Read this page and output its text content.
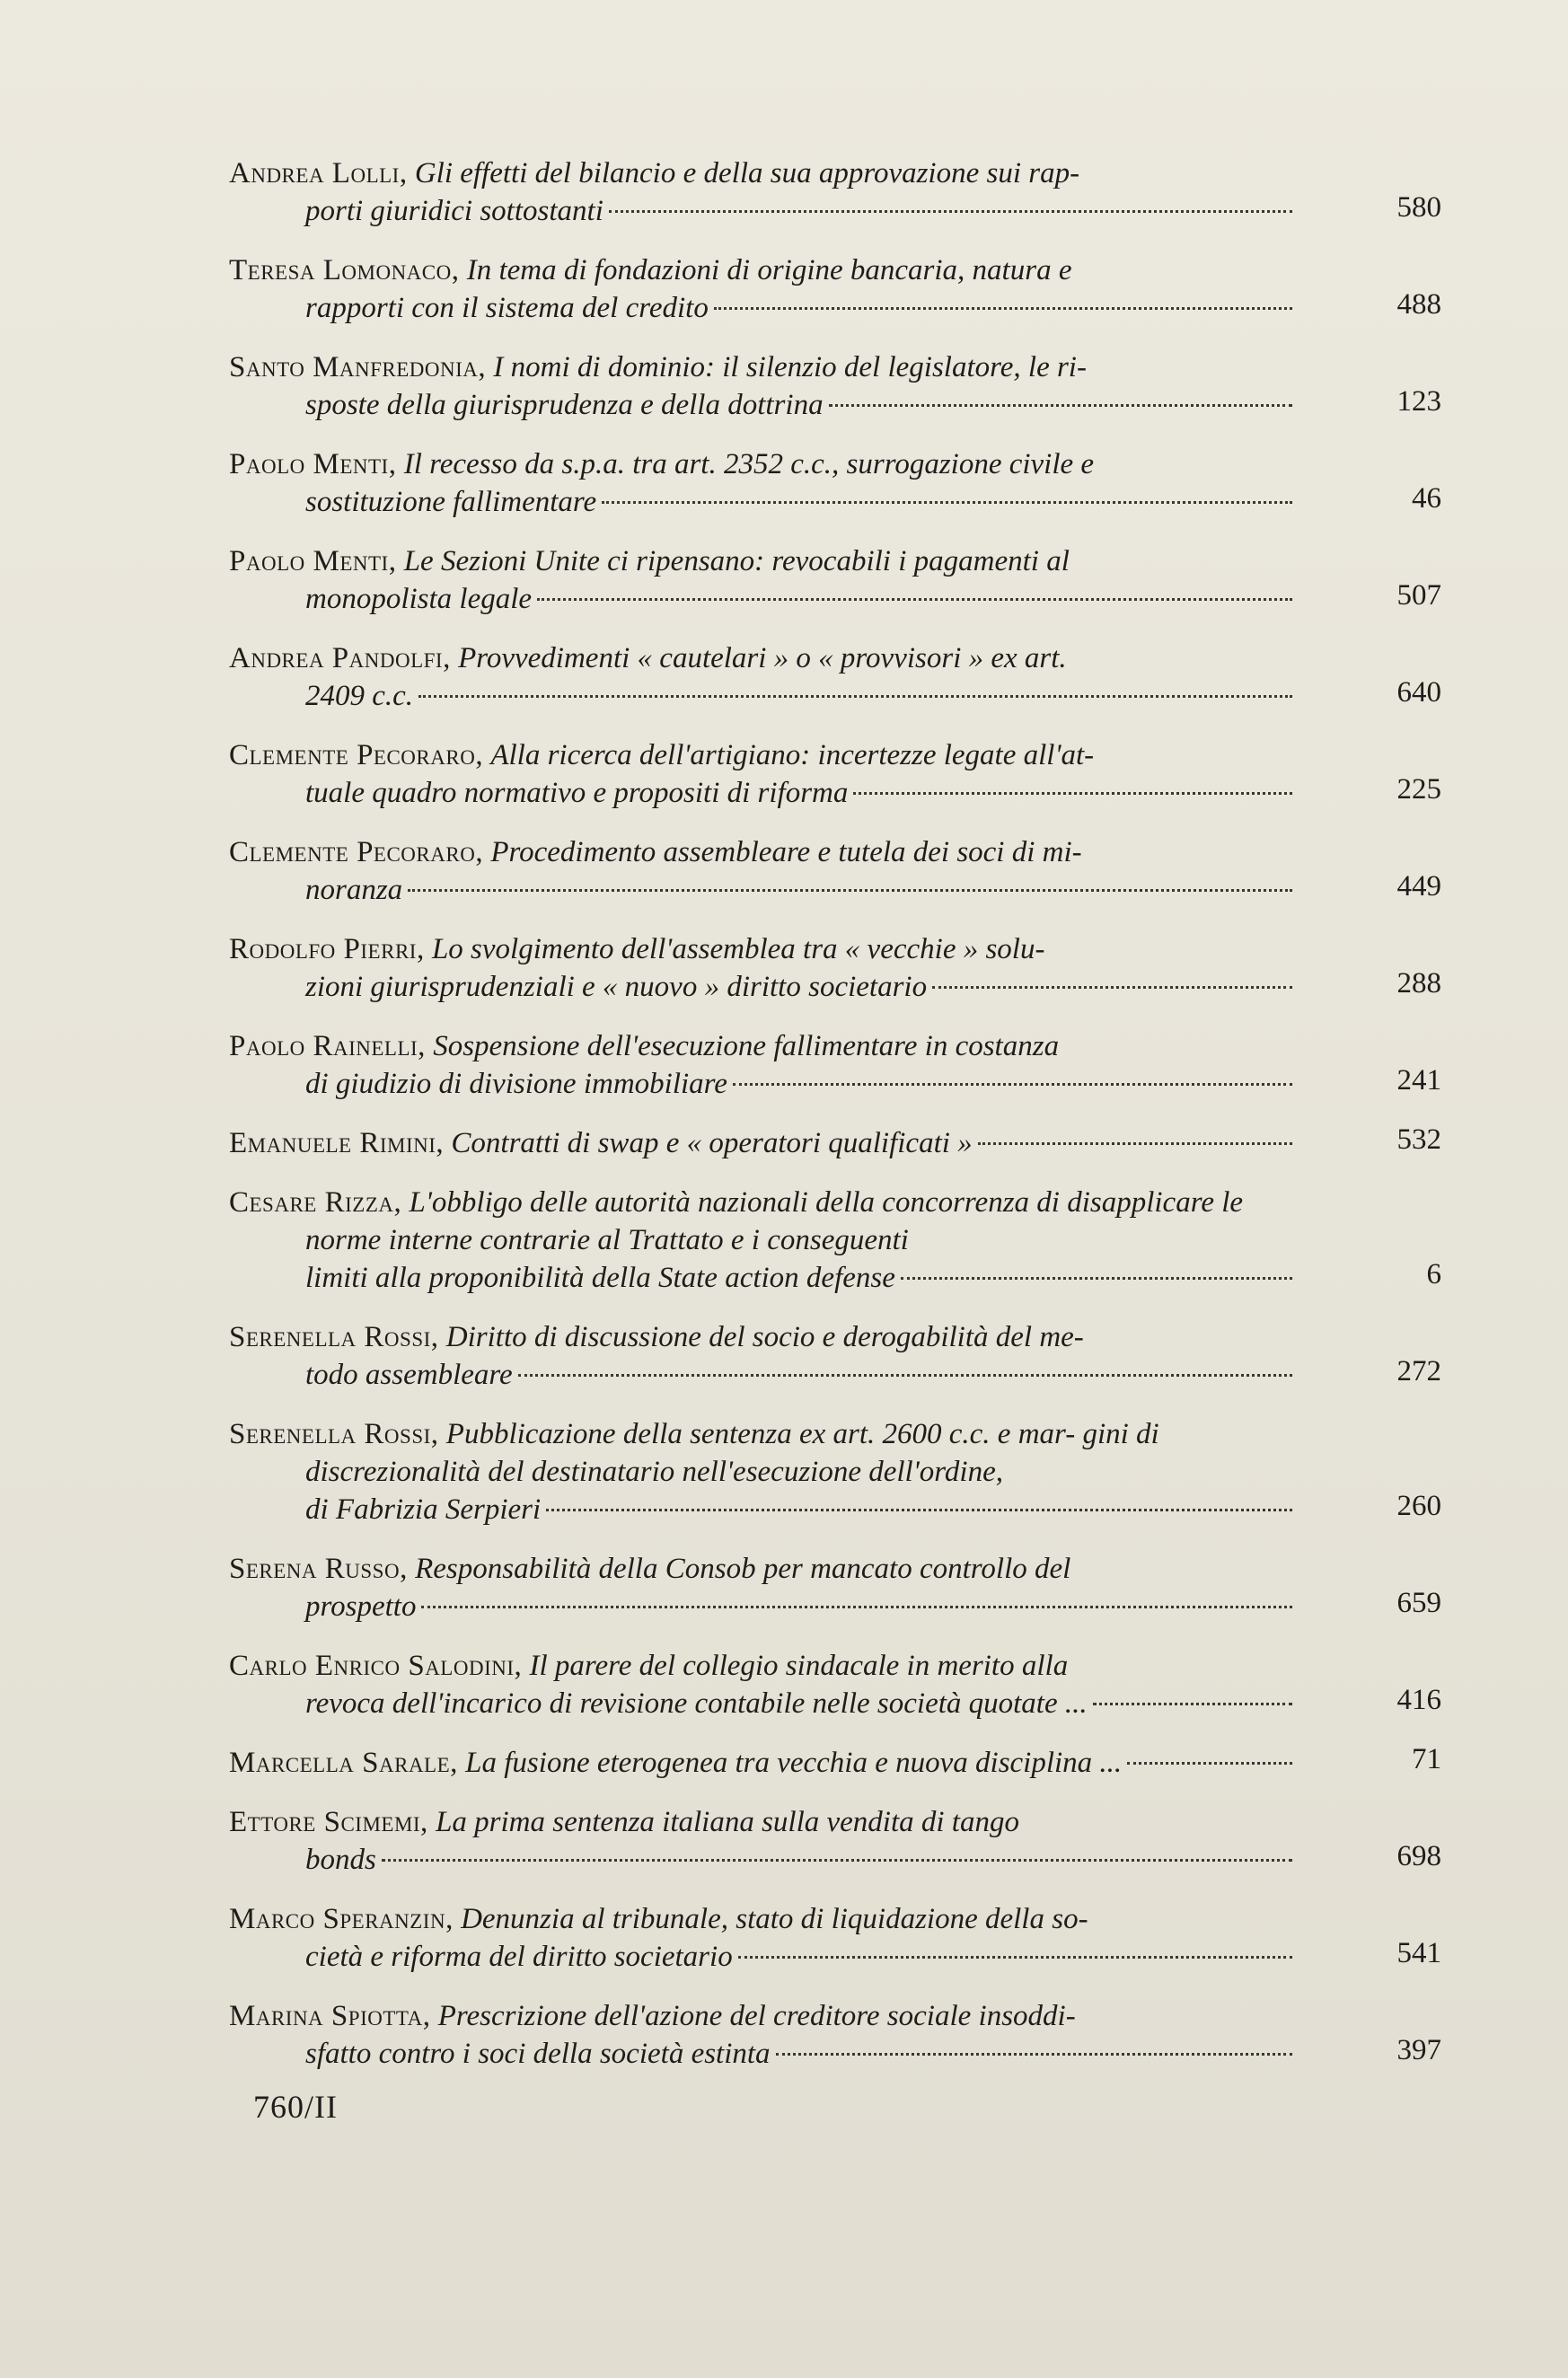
Andrea Lolli, Gli effetti del bilancio e della sua approvazione sui rap-
porti giuridici sottostanti	580
Teresa Lomonaco, In tema di fondazioni di origine bancaria, natura e
rapporti con il sistema del credito	488
Santo Manfredonia, I nomi di dominio: il silenzio del legislatore, le ri-
sposte della giurisprudenza e della dottrina	123
Paolo Menti, Il recesso da s.p.a. tra art. 2352 c.c., surrogazione civile e
sostituzione fallimentare	46
Paolo Menti, Le Sezioni Unite ci ripensano: revocabili i pagamenti al
monopolista legale	507
Andrea Pandolfi, Provvedimenti « cautelari » o « provvisori » ex art.
2409 c.c.	640
Clemente Pecoraro, Alla ricerca dell'artigiano: incertezze legate all'at-
tuale quadro normativo e propositi di riforma	225
Clemente Pecoraro, Procedimento assembleare e tutela dei soci di mi-
noranza	449
Rodolfo Pierri, Lo svolgimento dell'assemblea tra « vecchie » solu-
zioni giurisprudenziali e « nuovo » diritto societario	288
Paolo Rainelli, Sospensione dell'esecuzione fallimentare in costanza
di giudizio di divisione immobiliare	241
Emanuele Rimini,
Contratti di swap e « operatori qualificati »	532
Cesare Rizza, L'obbligo delle autorità nazionali della concorrenza di disapplicare le norme interne contrarie al Trattato e i conseguenti
limiti alla proponibilità della State action defense	6
Serenella Rossi, Diritto di discussione del socio e derogabilità del me-
todo assembleare	272
Serenella Rossi, Pubblicazione della sentenza ex art. 2600 c.c. e mar- gini di discrezionalità del destinatario nell'esecuzione dell'ordine,
di Fabrizia Serpieri	260
Serena Russo, Responsabilità della Consob per mancato controllo del
prospetto	659
Carlo Enrico Salodini, Il parere del collegio sindacale in merito alla
revoca dell'incarico di revisione contabile nelle società quotate ...	416
Marcella Sarale,
La fusione eterogenea tra vecchia e nuova disciplina ...	71
Ettore Scimemi, La prima sentenza italiana sulla vendita di tango
bonds	698
Marco Speranzin, Denunzia al tribunale, stato di liquidazione della so-
cietà e riforma del diritto societario	541
Marina Spiotta, Prescrizione dell'azione del creditore sociale insoddi-
sfatto contro i soci della società estinta	397
760/II
